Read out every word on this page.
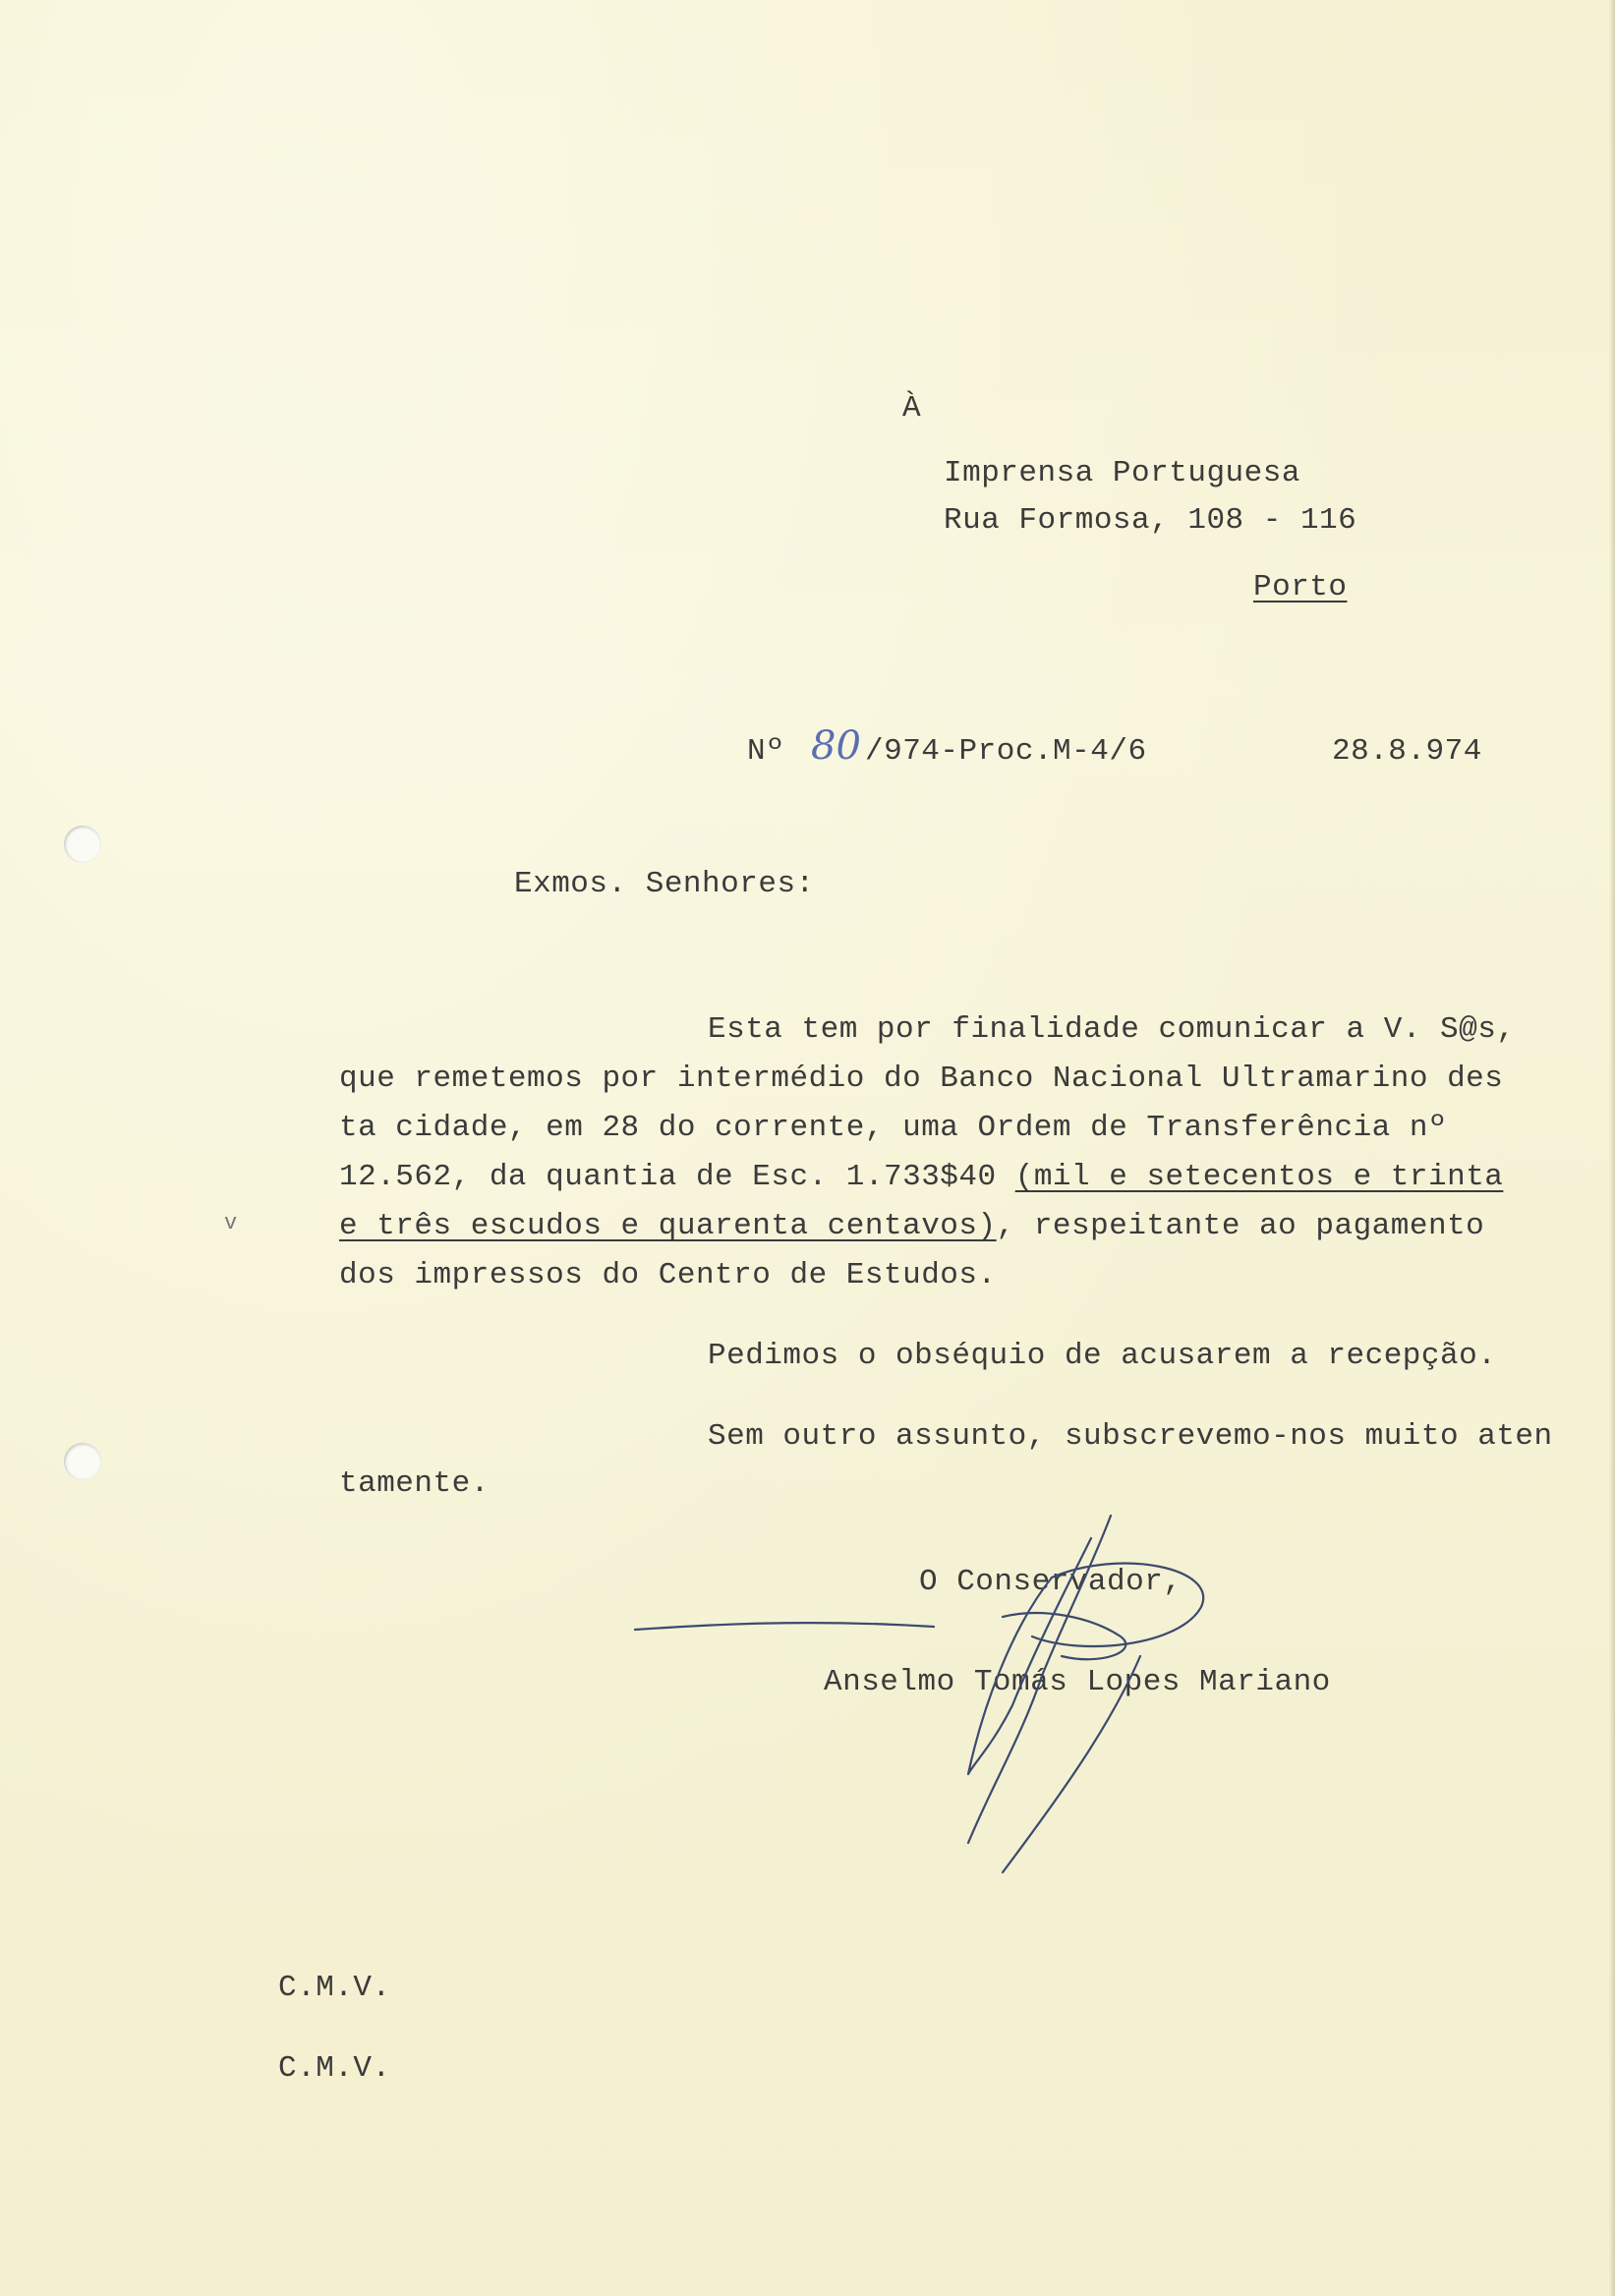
À
Imprensa Portuguesa
Rua Formosa, 108 - 116
Porto
Nº 80 /974-Proc.M-4/6	28.8.974
Exmos. Senhores:
Esta tem por finalidade comunicar a V. S@s,
que remetemos por intermédio do Banco Nacional Ultramarino des
ta cidade, em 28 do corrente, uma Ordem de Transferência nº
12.562, da quantia de Esc. 1.733$40 (mil e setecentos e trinta
e três escudos e quarenta centavos), respeitante ao pagamento
dos impressos do Centro de Estudos.
v
Pedimos o obséquio de acusarem a recepção.
Sem outro assunto, subscrevemo-nos muito aten
tamente.
O Conservador,
Anselmo Tomás Lopes Mariano
C.M.V.
C.M.V.
